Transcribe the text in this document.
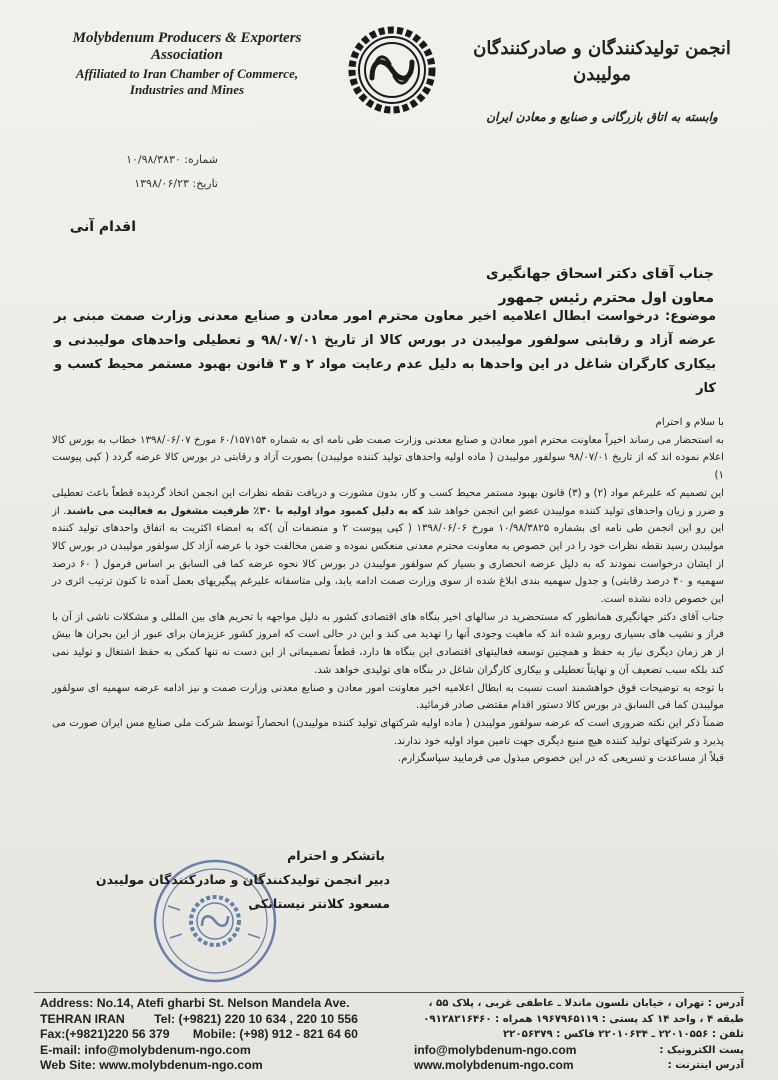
Molybdenum Producers & Exporters
Association
Affiliated to Iran Chamber of Commerce,
Industries and Mines
انجمن تولیدکنندگان و صادرکنندگان مولیبدن
وابسته به اتاق بازرگانی و صنایع و معادن ایران
شماره: ۱۰/۹۸/۳۸۳۰
تاریخ: ۱۳۹۸/۰۶/۲۳
اقدام آنی
جناب آقای دکتر اسحاق جهانگیری
معاون اول محترم رئیس جمهور
موضوع: درخواست ابطال اعلامیه اخیر معاون محترم امور معادن و صنایع معدنی وزارت صمت مبنی بر عرضه آزاد و رقابتی سولفور مولیبدن در بورس کالا از تاریخ ۹۸/۰۷/۰۱ و تعطیلی واحدهای مولیبدنی و بیکاری کارگران شاغل در این واحدها به دلیل عدم رعایت مواد ۲ و ۳ قانون بهبود مستمر محیط کسب و کار

با سلام و احترام

به استحضار می رساند اخیراً معاونت محترم امور معادن و صنایع معدنی وزارت صمت طی نامه ای به شماره ۶۰/۱۵۷۱۵۴ مورخ ۱۳۹۸/۰۶/۰۷ خطاب به بورس کالا اعلام نموده اند که از تاریخ ۹۸/۰۷/۰۱ سولفور مولیبدن ( ماده اولیه واحدهای تولید کننده مولیبدن) بصورت آزاد و رقابتی در بورس کالا عرضه گردد ( کپی پیوست ۱)

این تصمیم که علیرغم مواد (۲) و (۳) قانون بهبود مستمر محیط کسب و کار، بدون مشورت و دریافت نقطه نظرات این انجمن اتخاذ گردیده قطعاً باعث تعطیلی و ضرر و زیان واحدهای تولید کننده مولیبدن عضو این انجمن خواهد شد که به دلیل کمبود مواد اولیه با ۳۰٪ ظرفیت مشغول به فعالیت می باشند. از این رو این انجمن طی نامه ای بشماره ۱۰/۹۸/۳۸۲۵ مورخ ۱۳۹۸/۰۶/۰۶ ( کپی پیوست ۲ و منضمات آن )که به امضاء اکثریت به اتفاق واحدهای تولید کننده مولیبدن رسید نقطه نظرات خود را در این خصوص به معاونت محترم معدنی منعکس نموده و ضمن مخالفت خود با عرضه آزاد کل سولفور مولیبدن در بورس کالا از ایشان درخواست نمودند که به دلیل عرضه انحصاری و بسیار کم سولفور مولیبدن در بورس کالا نحوه عرضه کما فی السابق بر اساس فرمول ( ۶۰ درصد سهمیه و ۴۰ درصد رقابتی) و جدول سهمیه بندی ابلاغ شده از سوی وزارت صمت ادامه یابد، ولی متاسفانه علیرغم پیگیریهای بعمل آمده تا کنون ترتیب اثری در این خصوص داده نشده است.

جناب آقای دکتر جهانگیری همانطور که مستحضرید در سالهای اخیر بنگاه های اقتصادی کشور به دلیل مواجهه با تحریم های بین المللی و مشکلات ناشی از آن با فراز و نشیب های بسیاری روبرو شده اند که ماهیت وجودی آنها را تهدید می کند و این در حالی است که امروز کشور عزیزمان برای عبور از این بحران ها بیش از هر زمان دیگری نیاز به حفظ و همچنین توسعه فعالیتهای اقتصادی این بنگاه ها دارد، قطعاً تصمیماتی از این دست نه تنها کمکی به حفظ اشتغال و تولید نمی کند بلکه سبب تضعیف آن و نهایتاً تعطیلی و بیکاری کارگران شاغل در بنگاه های تولیدی خواهد شد.

با توجه به توضیحات فوق خواهشمند است نسبت به ابطال اعلامیه اخیر معاونت امور معادن و صنایع معدنی وزارت صمت و نیز ادامه عرضه سهمیه ای سولفور مولیبدن کما فی السابق در بورس کالا دستور اقدام مقتضی صادر فرمائید.

ضمناً ذکر این نکته ضروری است که عرضه سولفور مولیبدن ( ماده اولیه شرکتهای تولید کننده مولیبدن) انحصاراً توسط شرکت ملی صنایع مس ایران صورت می پذیرد و شرکتهای تولید کننده هیچ منبع دیگری جهت تامین مواد اولیه خود ندارند.

قبلاً از مساعدت و تسریعی که در این خصوص مبذول می فرمایید سپاسگزارم.

باتشکر و احترام
دبیر انجمن تولیدکنندگان و صادرکنندگان مولیبدن
مسعود کلانتر نیستانکی
Address: No.14, Atefi gharbi St. Nelson Mandela Ave.
TEHRAN IRAN Tel: (+9821) 220 10 634 , 220 10 556
Fax:(+9821)220 56 379 Mobile: (+98) 912 - 821 64 60
E-mail: info@molybdenum-ngo.com
Web Site: www.molybdenum-ngo.com
آدرس : تهران ، خیابان نلسون ماندلا ـ عاطفی غربی ، پلاک ۵۵ ،
طبقه ۴ ، واحد ۱۴ کد پستی : ۱۹۶۷۹۶۵۱۱۹ همراه : ۰۹۱۲۸۲۱۶۴۶۰
تلفن : ۲۲۰۱۰۵۵۶ ـ ۲۲۰۱۰۶۳۴ فاکس : ۲۲۰۵۶۳۷۹
پست الکترونیک :
info@molybdenum-ngo.com
آدرس اینترنت :
www.molybdenum-ngo.com
